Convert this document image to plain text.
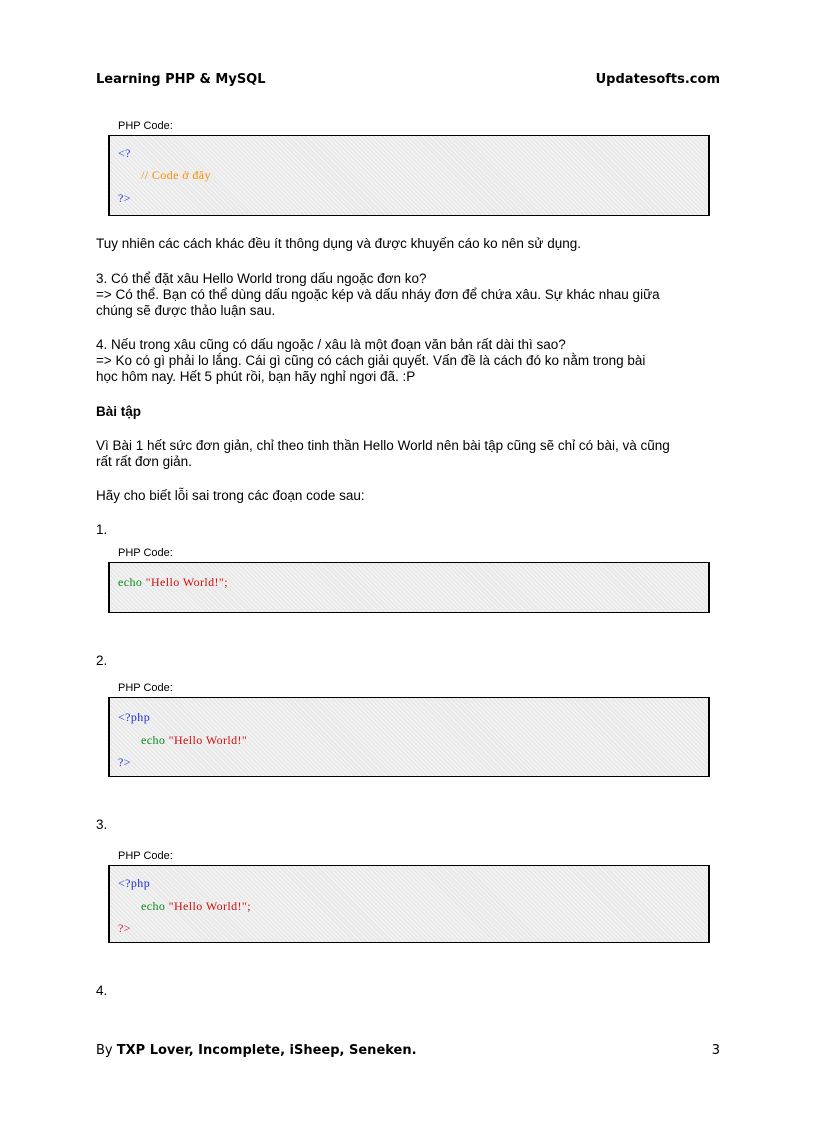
Learning PHP & MySQL	Updatesofts.com
PHP Code:
<?
// Code ở đây
?>
Tuy nhiên các cách khác đều ít thông dụng và được khuyến cáo ko nên sử dụng.
3. Có thể đặt xâu Hello World trong dấu ngoặc đơn ko?
=> Có thể. Bạn có thể dùng dấu ngoặc kép và dấu nháy đơn để chứa xâu. Sự khác nhau giữa
chúng sẽ được thảo luận sau.
4. Nếu trong xâu cũng có dấu ngoặc / xâu là một đoạn văn bản rất dài thì sao?
=> Ko có gì phải lo lắng. Cái gì cũng có cách giải quyết. Vấn đề là cách đó ko nằm trong bài
học hôm nay. Hết 5 phút rồi, bạn hãy nghỉ ngơi đã. :P
Bài tập
Vì Bài 1 hết sức đơn giản, chỉ theo tinh thần Hello World nên bài tập cũng sẽ chỉ có bài, và cũng
rất rất đơn giản.
Hãy cho biết lỗi sai trong các đoạn code sau:
1.
PHP Code:
echo "Hello World!";
2.
PHP Code:
<?php
echo "Hello World!"
?>
3.
PHP Code:
<?php
echo "Hello World!";
?>
4.
By TXP Lover, Incomplete, iSheep, Seneken.	3
